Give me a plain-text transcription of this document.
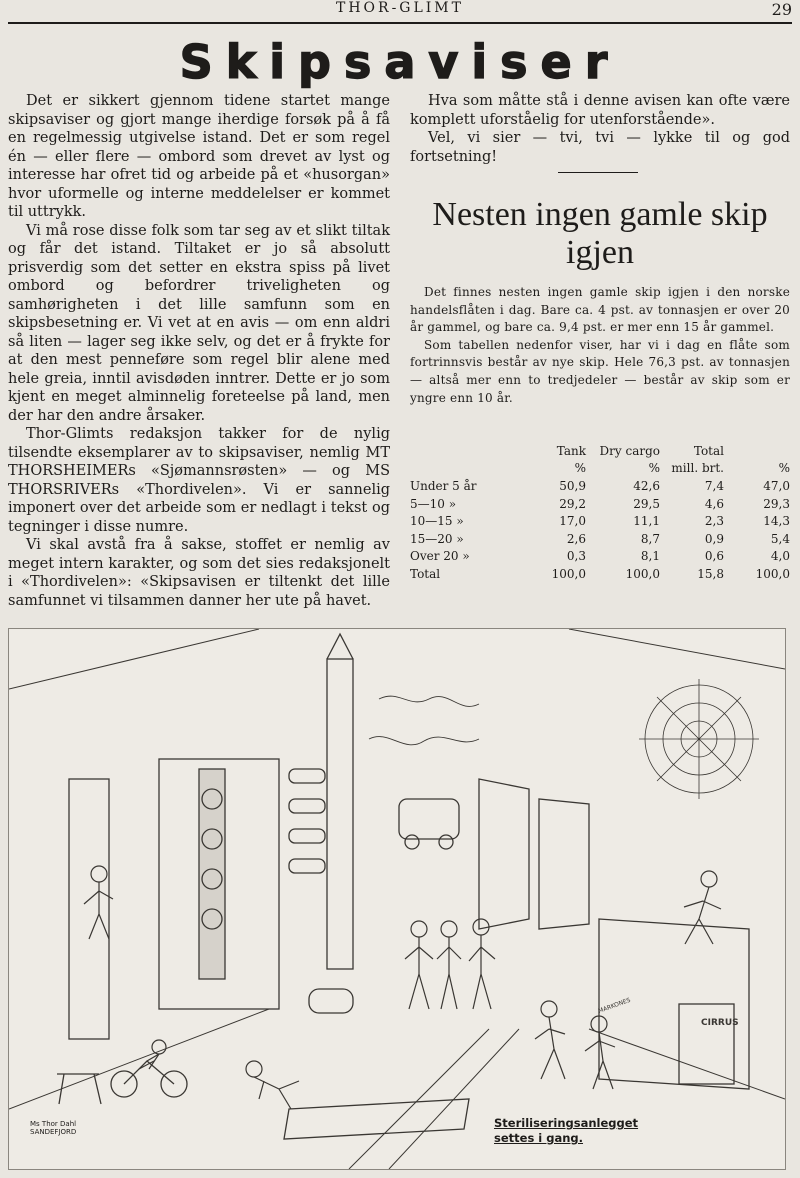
THOR-GLIMT	29
Skipsaviser

Det er sikkert gjennom tidene startet mange skipsaviser og gjort mange iherdige forsøk på å få en regelmessig utgivelse istand. Det er som regel én — eller flere — ombord som drevet av lyst og interesse har ofret tid og arbeide på et «husorgan» hvor uformelle og interne meddelelser er kommet til uttrykk.

Vi må rose disse folk som tar seg av et slikt tiltak og får det istand. Tiltaket er jo så absolutt prisverdig som det setter en ekstra spiss på livet ombord og befordrer triveligheten og samhørigheten i det lille samfunn som en skipsbesetning er. Vi vet at en avis — om enn aldri så liten — lager seg ikke selv, og det er å frykte for at den mest penneføre som regel blir alene med hele greia, inntil avisdøden inntrer. Dette er jo som kjent en meget alminnelig foreteelse på land, men der har den andre årsaker.

Thor-Glimts redaksjon takker for de nylig tilsendte eksemplarer av to skipsaviser, nemlig MT THORSHEIMERs «Sjømannsrøsten» — og MS THORSRIVERs «Thordivelen». Vi er sannelig imponert over det arbeide som er nedlagt i tekst og tegninger i disse numre.

Vi skal avstå fra å sakse, stoffet er nemlig av meget intern karakter, og som det sies redaksjonelt i «Thordivelen»: «Skipsavisen er tiltenkt det lille samfunnet vi tilsammen danner her ute på havet.

Hva som måtte stå i denne avisen kan ofte være komplett uforståelig for utenforstående».

Vel, vi sier — tvi, tvi — lykke til og god fortsetning!

Nesten ingen gamle skip igjen

Det finnes nesten ingen gamle skip igjen i den norske handelsflåten i dag. Bare ca. 4 pst. av tonnasjen er over 20 år gammel, og bare ca. 9,4 pst. er mer enn 15 år gammel.

Som tabellen nedenfor viser, har vi i dag en flåte som fortrinnsvis består av nye skip. Hele 76,3 pst. av tonnasjen — altså mer enn to tredjedeler — består av skip som er yngre enn 10 år.

	Tank	Dry cargo	Total	
	%	%	mill. brt.	%
Under 5 år	50,9	42,6	7,4	47,0
5—10 »	29,2	29,5	4,6	29,3
10—15 »	17,0	11,1	2,3	14,3
15—20 »	2,6	8,7	0,9	5,4
Over 20 »	0,3	8,1	0,6	4,0
Total	100,0	100,0	15,8	100,0
CIRRUS
MARKONES
Steriliseringsanlegget
settes i gang.
Ms Thor Dahl
SANDEFJORD
